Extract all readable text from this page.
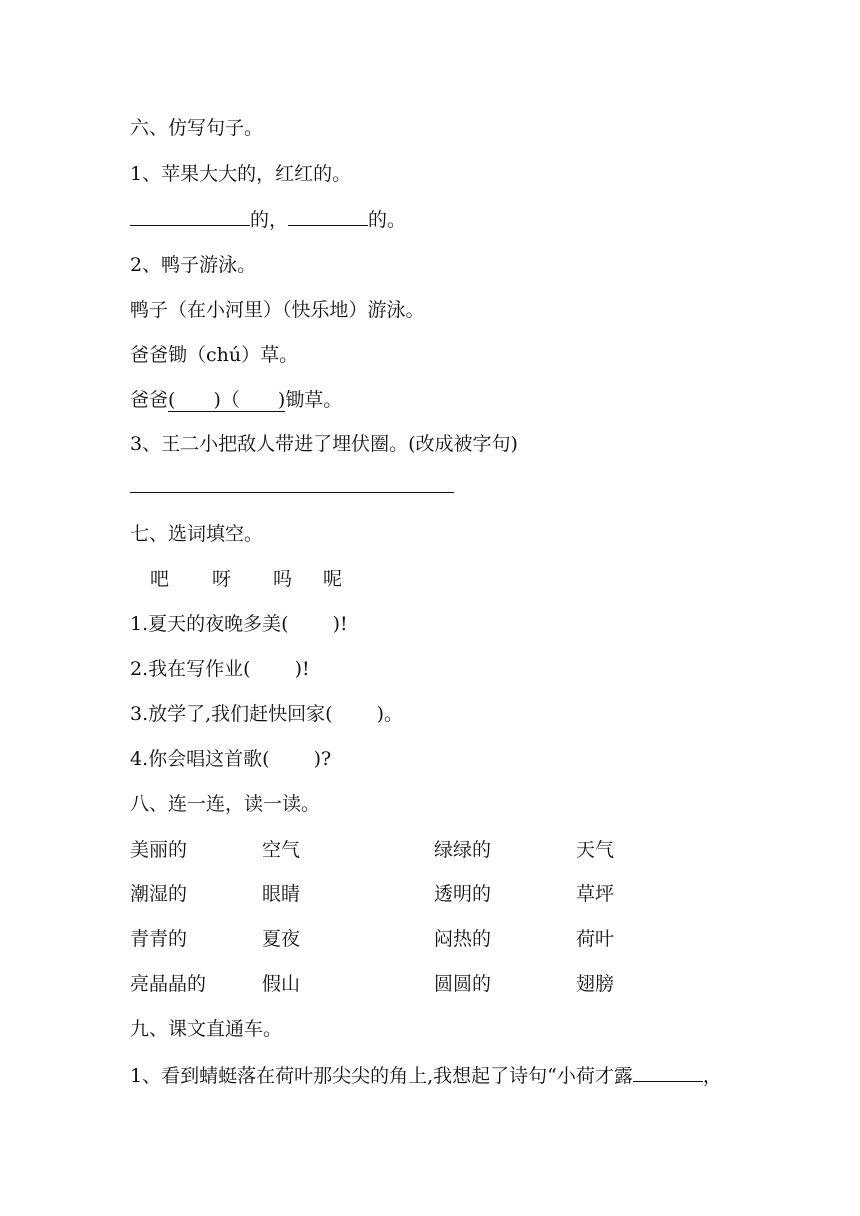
六、仿写句子。
1、苹果大大的，红红的。
的，	的。
2、鸭子游泳。
鸭子（在小河里）（快乐地）游泳。
爸爸锄（chú）草。
爸爸(   )（   )锄草。
3、王二小把敌人带进了埋伏圈。(改成被字句)
七、选词填空。
吧 呀 吗 呢
1.夏天的夜晚多美(　　 )!
2.我在写作业(　　 )!
3.放学了,我们赶快回家(　　 )。
4.你会唱这首歌(　　 )?
八、连一连，读一读。
美丽的	空气	绿绿的	天气
潮湿的	眼睛	透明的	草坪
青青的	夏夜	闷热的	荷叶
亮晶晶的	假山	圆圆的	翅膀
九、课文直通车。
1、看到蜻蜓落在荷叶那尖尖的角上,我想起了诗句“小荷才露	，
